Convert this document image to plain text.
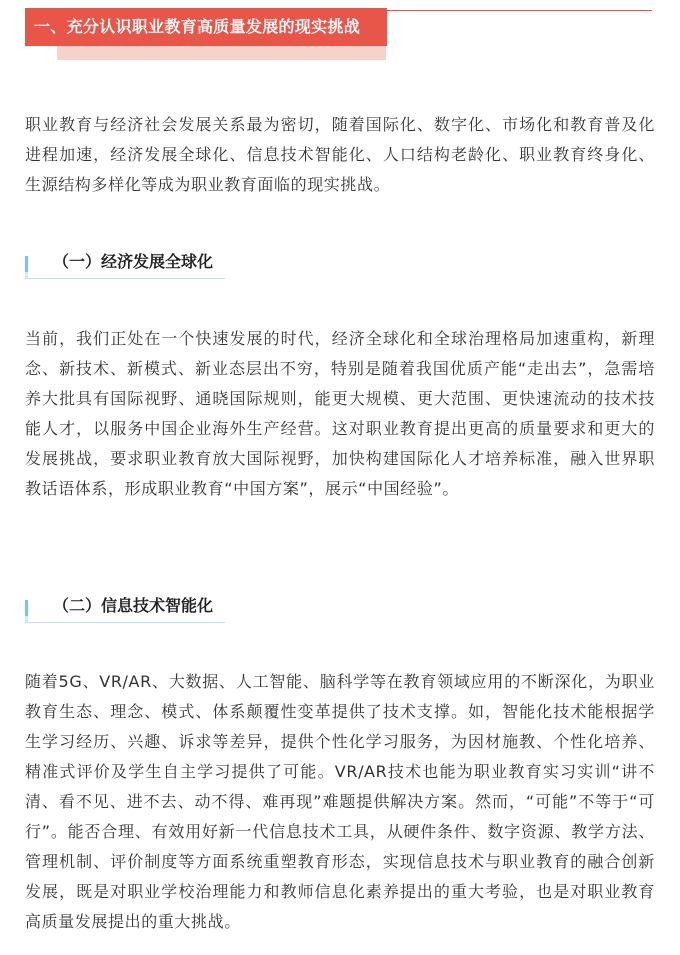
一、充分认识职业教育高质量发展的现实挑战

职业教育与经济社会发展关系最为密切，随着国际化、数字化、市场化和教育普及化进程加速，经济发展全球化、信息技术智能化、人口结构老龄化、职业教育终身化、生源结构多样化等成为职业教育面临的现实挑战。

（一）经济发展全球化

当前，我们正处在一个快速发展的时代，经济全球化和全球治理格局加速重构，新理念、新技术、新模式、新业态层出不穷，特别是随着我国优质产能“走出去”，急需培养大批具有国际视野、通晓国际规则，能更大规模、更大范围、更快速流动的技术技能人才，以服务中国企业海外生产经营。这对职业教育提出更高的质量要求和更大的发展挑战，要求职业教育放大国际视野，加快构建国际化人才培养标准，融入世界职教话语体系，形成职业教育“中国方案”，展示“中国经验”。

（二）信息技术智能化

随着5G、VR/AR、大数据、人工智能、脑科学等在教育领域应用的不断深化，为职业教育生态、理念、模式、体系颠覆性变革提供了技术支撑。如，智能化技术能根据学生学习经历、兴趣、诉求等差异，提供个性化学习服务，为因材施教、个性化培养、精准式评价及学生自主学习提供了可能。VR/AR技术也能为职业教育实习实训“讲不清、看不见、进不去、动不得、难再现”难题提供解决方案。然而，“可能”不等于“可行”。能否合理、有效用好新一代信息技术工具，从硬件条件、数字资源、教学方法、管理机制、评价制度等方面系统重塑教育形态，实现信息技术与职业教育的融合创新发展，既是对职业学校治理能力和教师信息化素养提出的重大考验，也是对职业教育高质量发展提出的重大挑战。
